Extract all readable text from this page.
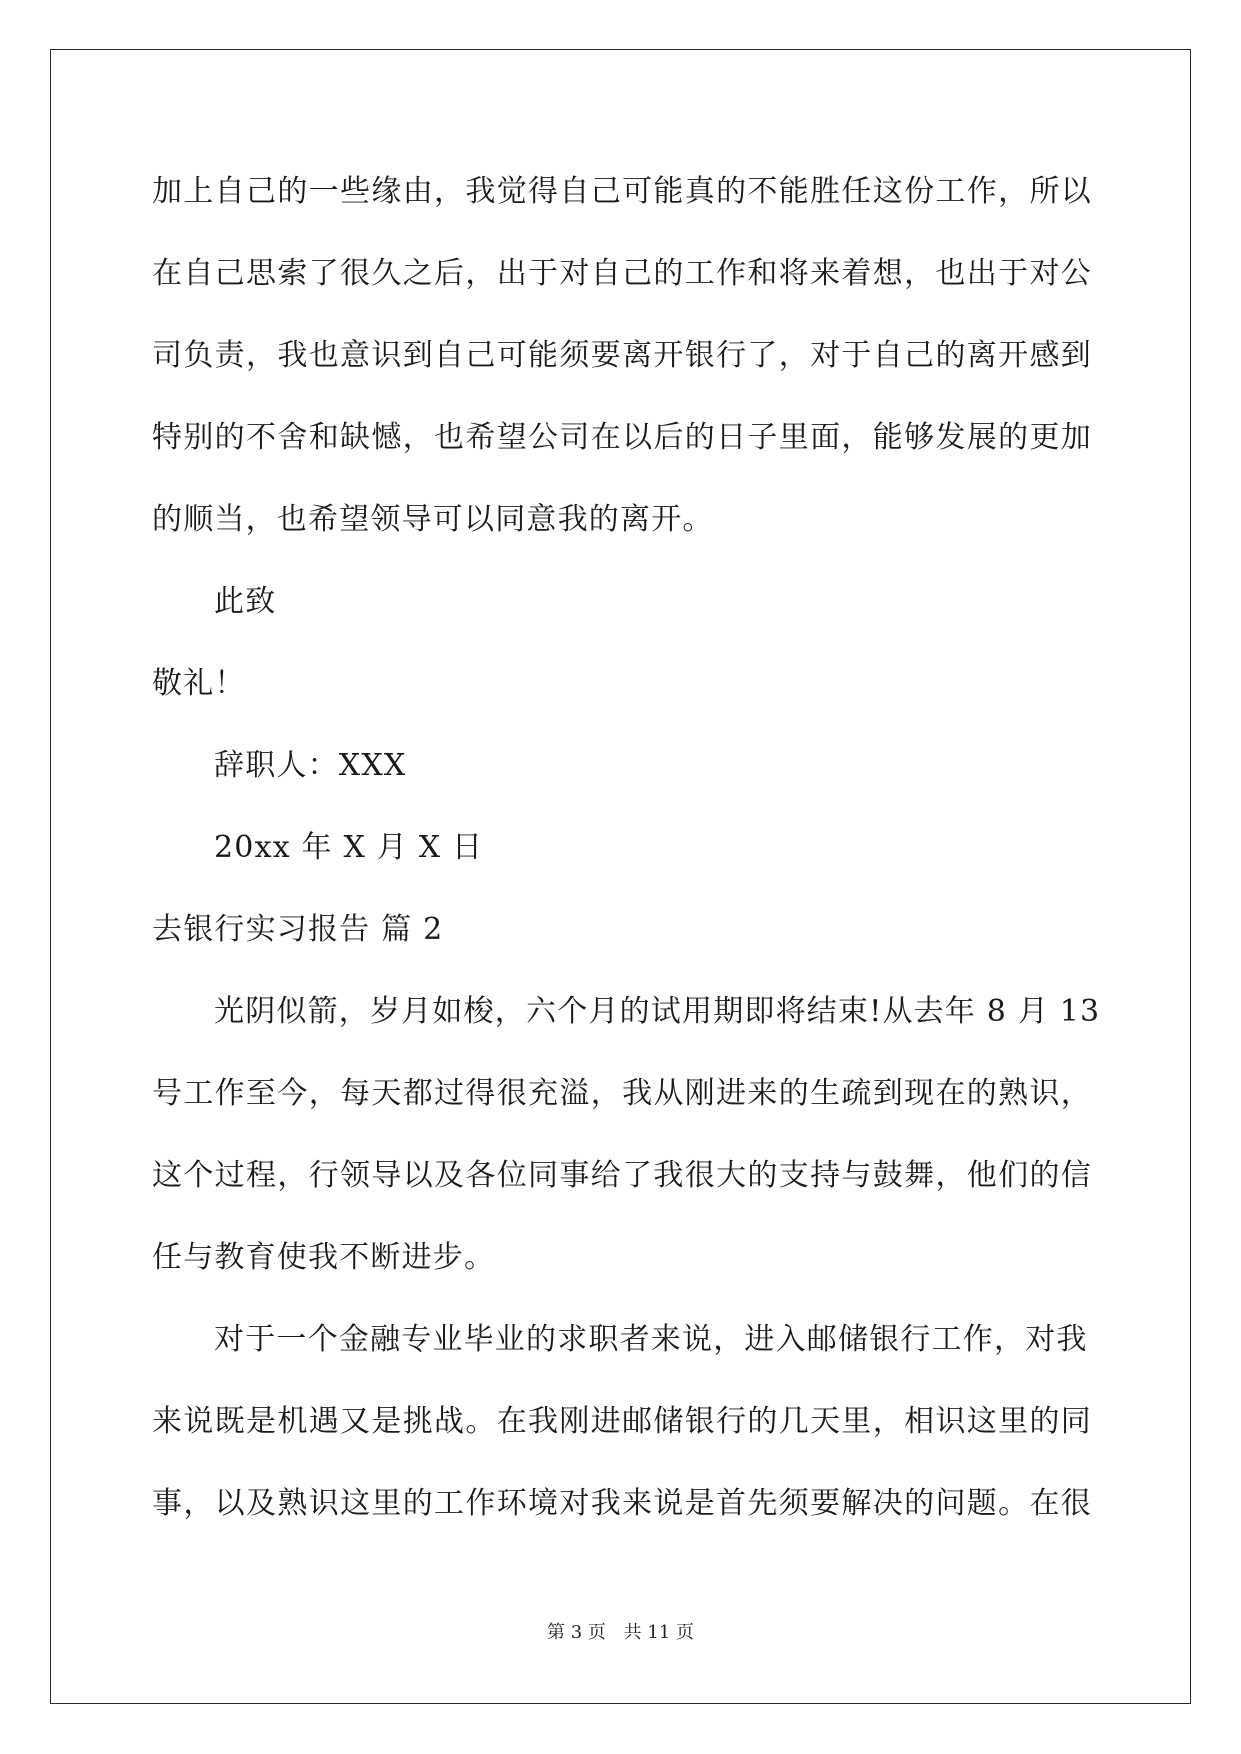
加上自己的一些缘由，我觉得自己可能真的不能胜任这份工作，所以
在自己思索了很久之后，出于对自己的工作和将来着想，也出于对公
司负责，我也意识到自己可能须要离开银行了，对于自己的离开感到
特别的不舍和缺憾，也希望公司在以后的日子里面，能够发展的更加
的顺当，也希望领导可以同意我的离开。
此致
敬礼！
辞职人：XXX
20xx 年 X 月 X 日
去银行实习报告 篇 2
光阴似箭，岁月如梭，六个月的试用期即将结束!从去年 8 月 13
号工作至今，每天都过得很充溢，我从刚进来的生疏到现在的熟识，
这个过程，行领导以及各位同事给了我很大的支持与鼓舞，他们的信
任与教育使我不断进步。
对于一个金融专业毕业的求职者来说，进入邮储银行工作，对我
来说既是机遇又是挑战。在我刚进邮储银行的几天里，相识这里的同
事，以及熟识这里的工作环境对我来说是首先须要解决的问题。在很
第 3 页 共 11 页
